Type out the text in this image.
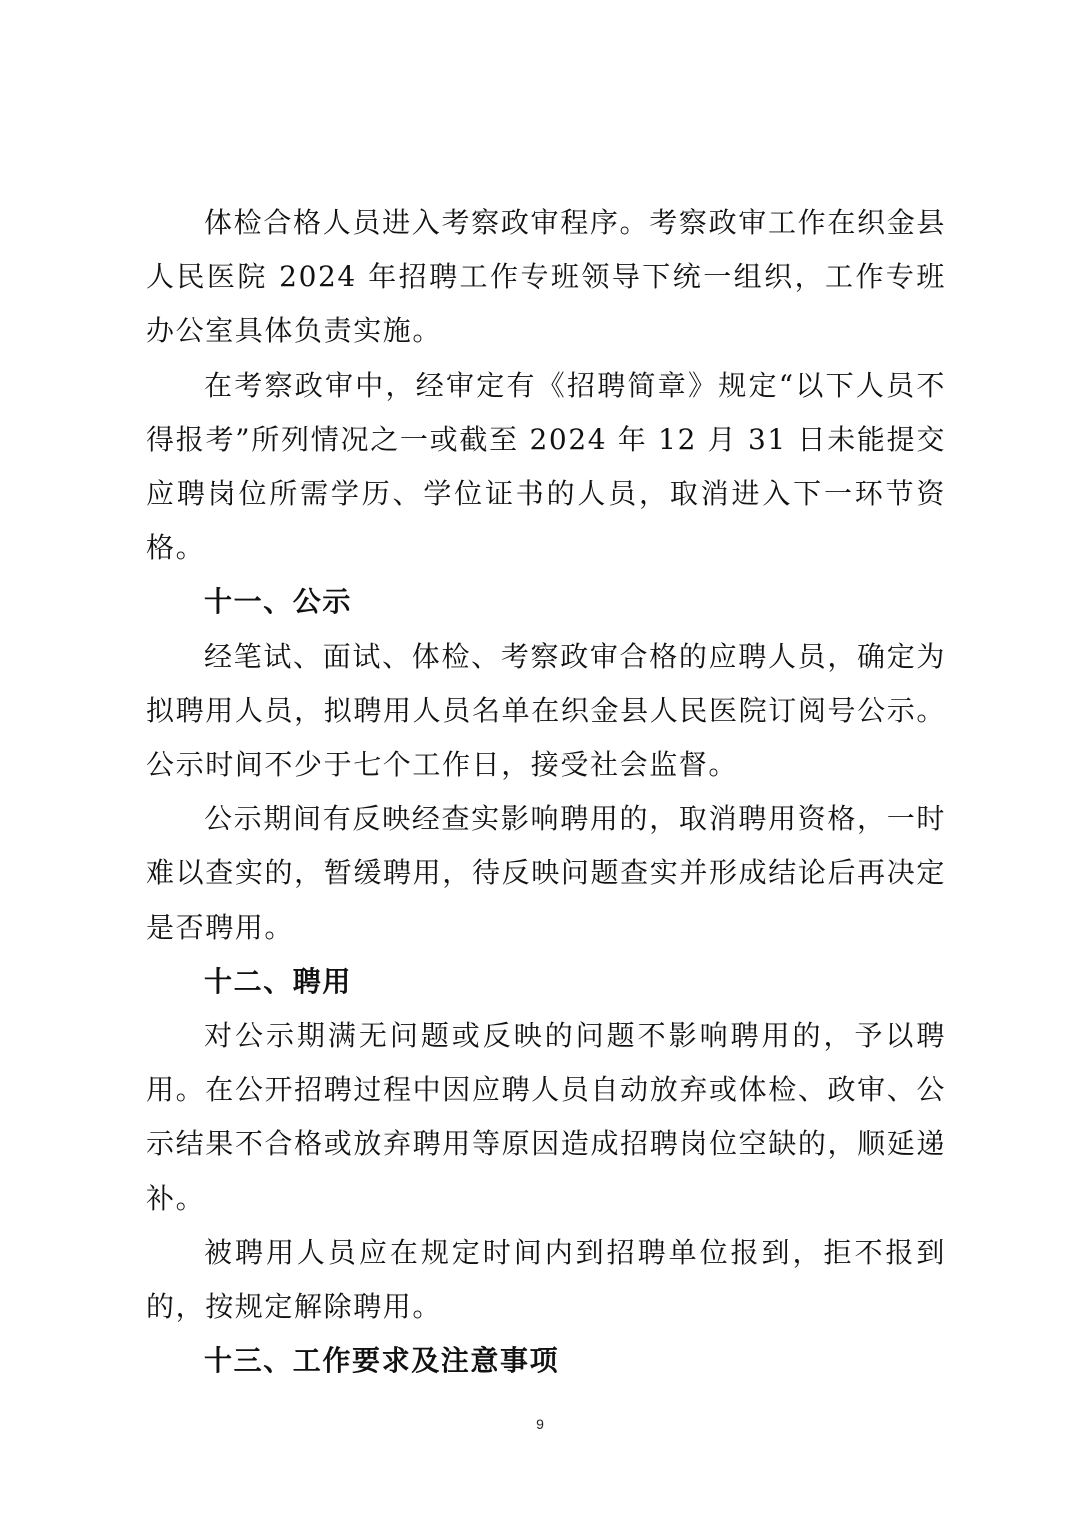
体检合格人员进入考察政审程序。考察政审工作在织金县人民医院 2024 年招聘工作专班领导下统一组织，工作专班办公室具体负责实施。

在考察政审中，经审定有《招聘简章》规定“以下人员不得报考”所列情况之一或截至 2024 年 12 月 31 日未能提交应聘岗位所需学历、学位证书的人员，取消进入下一环节资格。

十一、公示

经笔试、面试、体检、考察政审合格的应聘人员，确定为拟聘用人员，拟聘用人员名单在织金县人民医院订阅号公示。公示时间不少于七个工作日，接受社会监督。

公示期间有反映经查实影响聘用的，取消聘用资格，一时难以查实的，暂缓聘用，待反映问题查实并形成结论后再决定是否聘用。

十二、聘用

对公示期满无问题或反映的问题不影响聘用的，予以聘用。在公开招聘过程中因应聘人员自动放弃或体检、政审、公示结果不合格或放弃聘用等原因造成招聘岗位空缺的，顺延递补。

被聘用人员应在规定时间内到招聘单位报到，拒不报到的，按规定解除聘用。

十三、工作要求及注意事项

9
